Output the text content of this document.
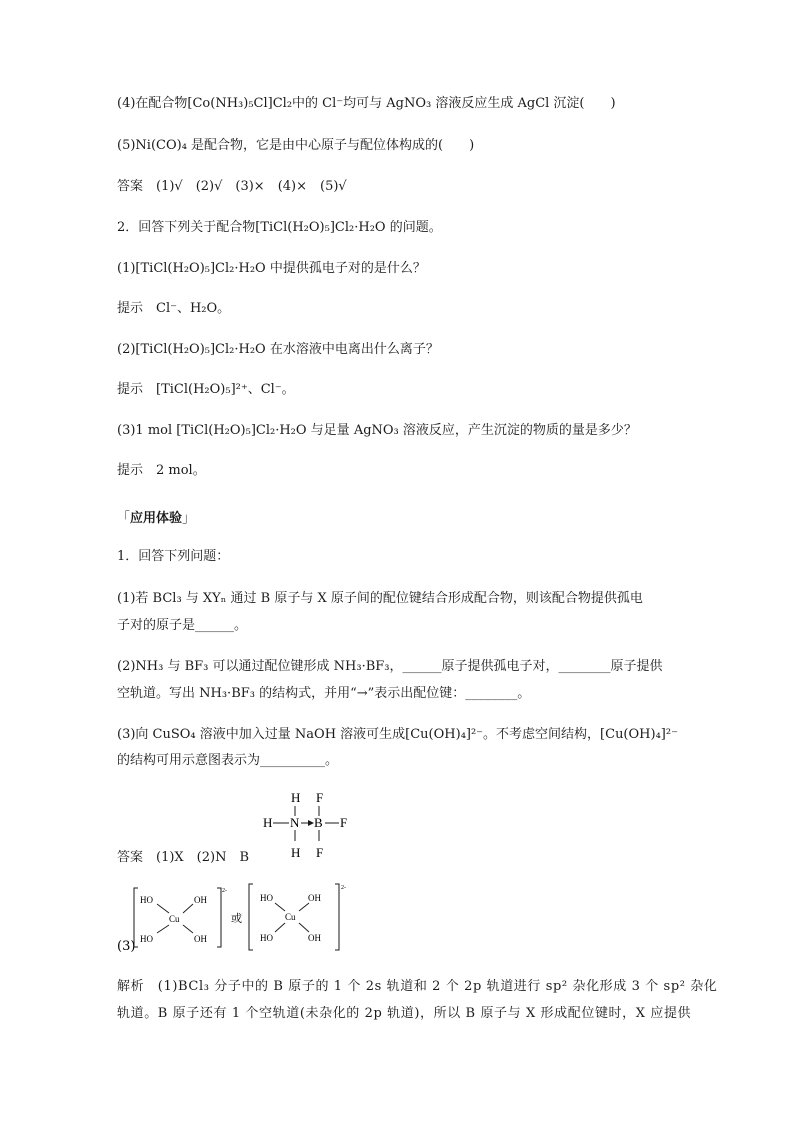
(4)在配合物[Co(NH₃)₅Cl]Cl₂中的 Cl⁻均可与 AgNO₃ 溶液反应生成 AgCl 沉淀(　　)
(5)Ni(CO)₄ 是配合物，它是由中心原子与配位体构成的(　　)
答案　(1)√　(2)√　(3)×　(4)×　(5)√
2．回答下列关于配合物[TiCl(H₂O)₅]Cl₂·H₂O 的问题。
(1)[TiCl(H₂O)₅]Cl₂·H₂O 中提供孤电子对的是什么？
提示　Cl⁻、H₂O。
(2)[TiCl(H₂O)₅]Cl₂·H₂O 在水溶液中电离出什么离子？
提示　[TiCl(H₂O)₅]²⁺、Cl⁻。
(3)1 mol [TiCl(H₂O)₅]Cl₂·H₂O 与足量 AgNO₃ 溶液反应，产生沉淀的物质的量是多少？
提示　2 mol。
「应用体验」
1．回答下列问题：
(1)若 BCl₃ 与 XYₙ 通过 B 原子与 X 原子间的配位键结合形成配合物，则该配合物提供孤电
子对的原子是______。
(2)NH₃ 与 BF₃ 可以通过配位键形成 NH₃·BF₃，______原子提供孤电子对，________原子提供
空轨道。写出 NH₃·BF₃ 的结构式，并用“→”表示出配位键：________。
(3)向 CuSO₄ 溶液中加入过量 NaOH 溶液可生成[Cu(OH)₄]²⁻。不考虑空间结构，[Cu(OH)₄]²⁻
的结构可用示意图表示为__________。
H F
H N B F
H F
答案　(1)X　(2)N　B
(3)
HO	OH
Cu
HO	OH
2-
或
HO	OH
Cu
HO	OH
2-
解析　(1)BCl₃ 分子中的 B 原子的 1 个 2s 轨道和 2 个 2p 轨道进行 sp² 杂化形成 3 个 sp² 杂化
轨道。B 原子还有 1 个空轨道(未杂化的 2p 轨道)，所以 B 原子与 X 形成配位键时，X 应提供
